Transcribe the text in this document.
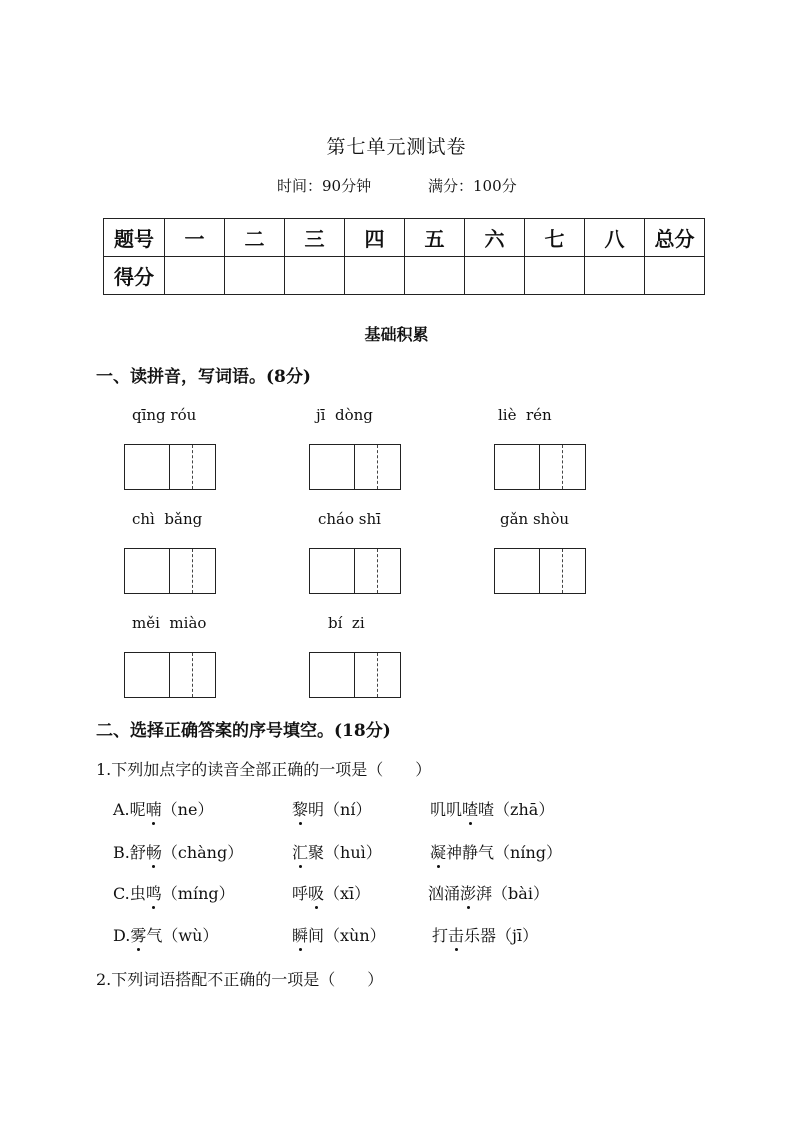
第七单元测试卷
时间：90分钟	满分：100分
题号	一	二	三	四	五	六	七	八	总分
得分									
基础积累
一、读拼音，写词语。(8分)
qīng róu	jī  dòng	liè  rén
chì  bǎng	cháo shī	gǎn shòu
měi  miào	bí  zi
二、选择正确答案的序号填空。(18分)
1.下列加点字的读音全部正确的一项是（　　）
A.呢喃（ne）	黎明（ní）	叽叽喳喳（zhā）
B.舒畅（chàng）	汇聚（huì）	凝神静气（níng）
C.虫鸣（míng）	呼吸（xī）	汹涌澎湃（bài）
D.雾气（wù）	瞬间（xùn）	打击乐器（jī）
2.下列词语搭配不正确的一项是（　　）
